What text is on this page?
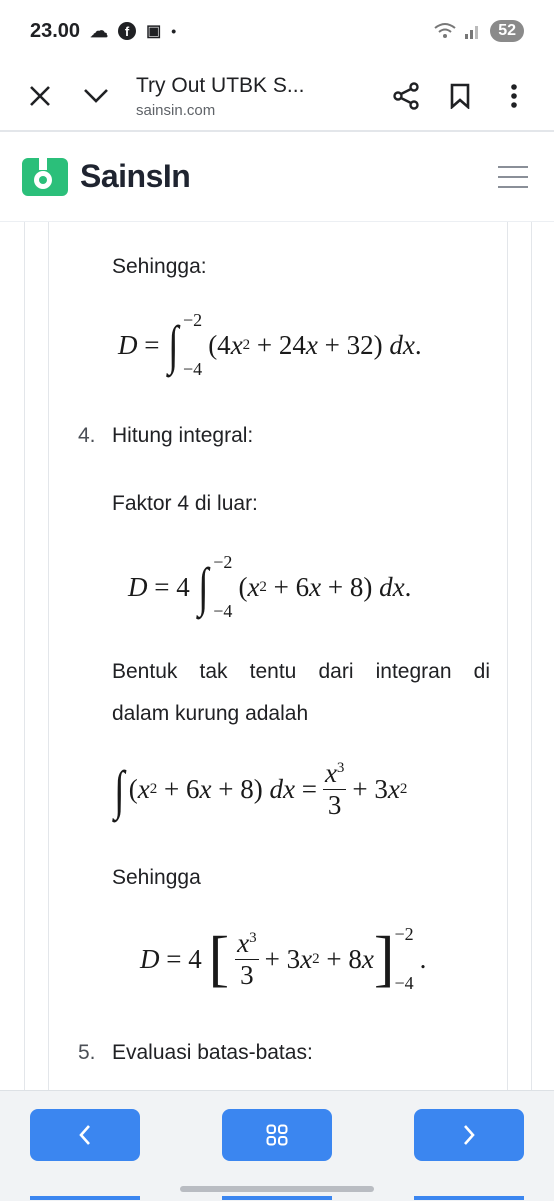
23.00 ☁	f	▣ •	52
Try Out UTBK S...
sainsin.com
SainsIn
Sehingga:
D = ∫ −2
−4
(4 x 2 + 24 x + 32) dx .
4. Hitung integral:
Faktor 4 di luar:
D = 4 ∫ −2
−4
( x 2 + 6 x + 8) dx .
Bentuk tak tentu dari integran di
dalam kurung adalah
∫ ( x 2 + 6 x + 8) dx = $\frac{x^3}{3} + 3$ x 2
Sehingga
D = 4 [ $\frac{x^3}{3} + 3$ x 2 + 8 x ] −2
−4
.
5. Evaluasi batas-batas:
